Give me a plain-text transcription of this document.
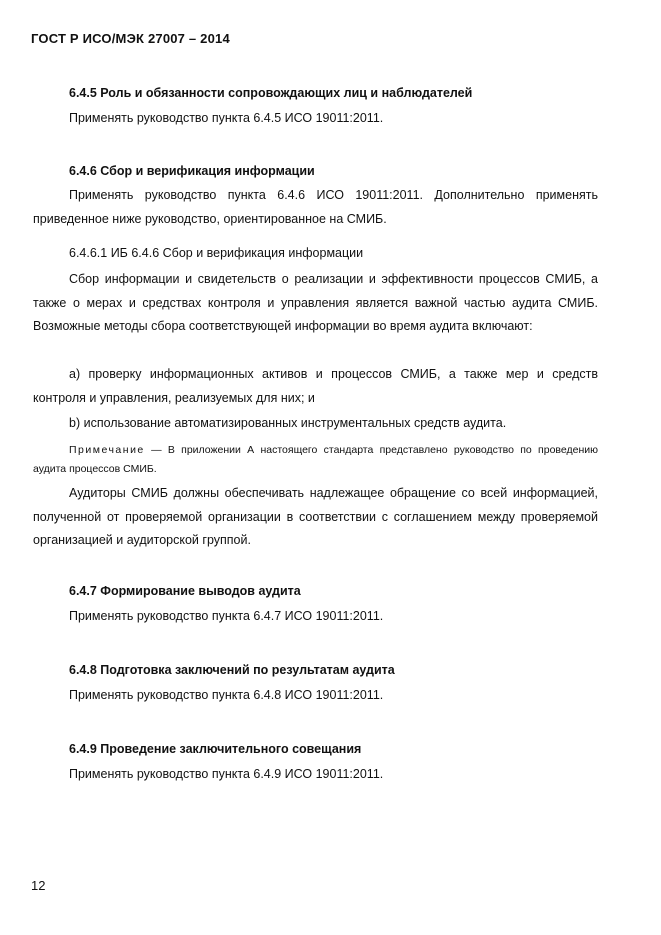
ГОСТ Р ИСО/МЭК 27007 – 2014
6.4.5 Роль и обязанности сопровождающих лиц и наблюдателей
Применять руководство пункта 6.4.5 ИСО 19011:2011.
6.4.6 Сбор и верификация информации

Применять руководство пункта 6.4.6 ИСО 19011:2011. Дополнительно применять приведенное ниже руководство, ориентированное на СМИБ.

6.4.6.1 ИБ 6.4.6 Сбор и верификация информации

Сбор информации и свидетельств о реализации и эффективности процессов СМИБ, а также о мерах и средствах контроля и управления является важной частью аудита СМИБ. Возможные методы сбора соответствующей информации во время аудита включают:

a) проверку информационных активов и процессов СМИБ, а также мер и средств контроля и управления, реализуемых для них; и

b) использование автоматизированных инструментальных средств аудита.

Примечание — В приложении А настоящего стандарта представлено руководство по проведению аудита процессов СМИБ.

Аудиторы СМИБ должны обеспечивать надлежащее обращение со всей информацией, полученной от проверяемой организации в соответствии с соглашением между проверяемой организацией и аудиторской группой.

6.4.7 Формирование выводов аудита
Применять руководство пункта 6.4.7 ИСО 19011:2011.
6.4.8 Подготовка заключений по результатам аудита
Применять руководство пункта 6.4.8 ИСО 19011:2011.
6.4.9 Проведение заключительного совещания
Применять руководство пункта 6.4.9 ИСО 19011:2011.
12
